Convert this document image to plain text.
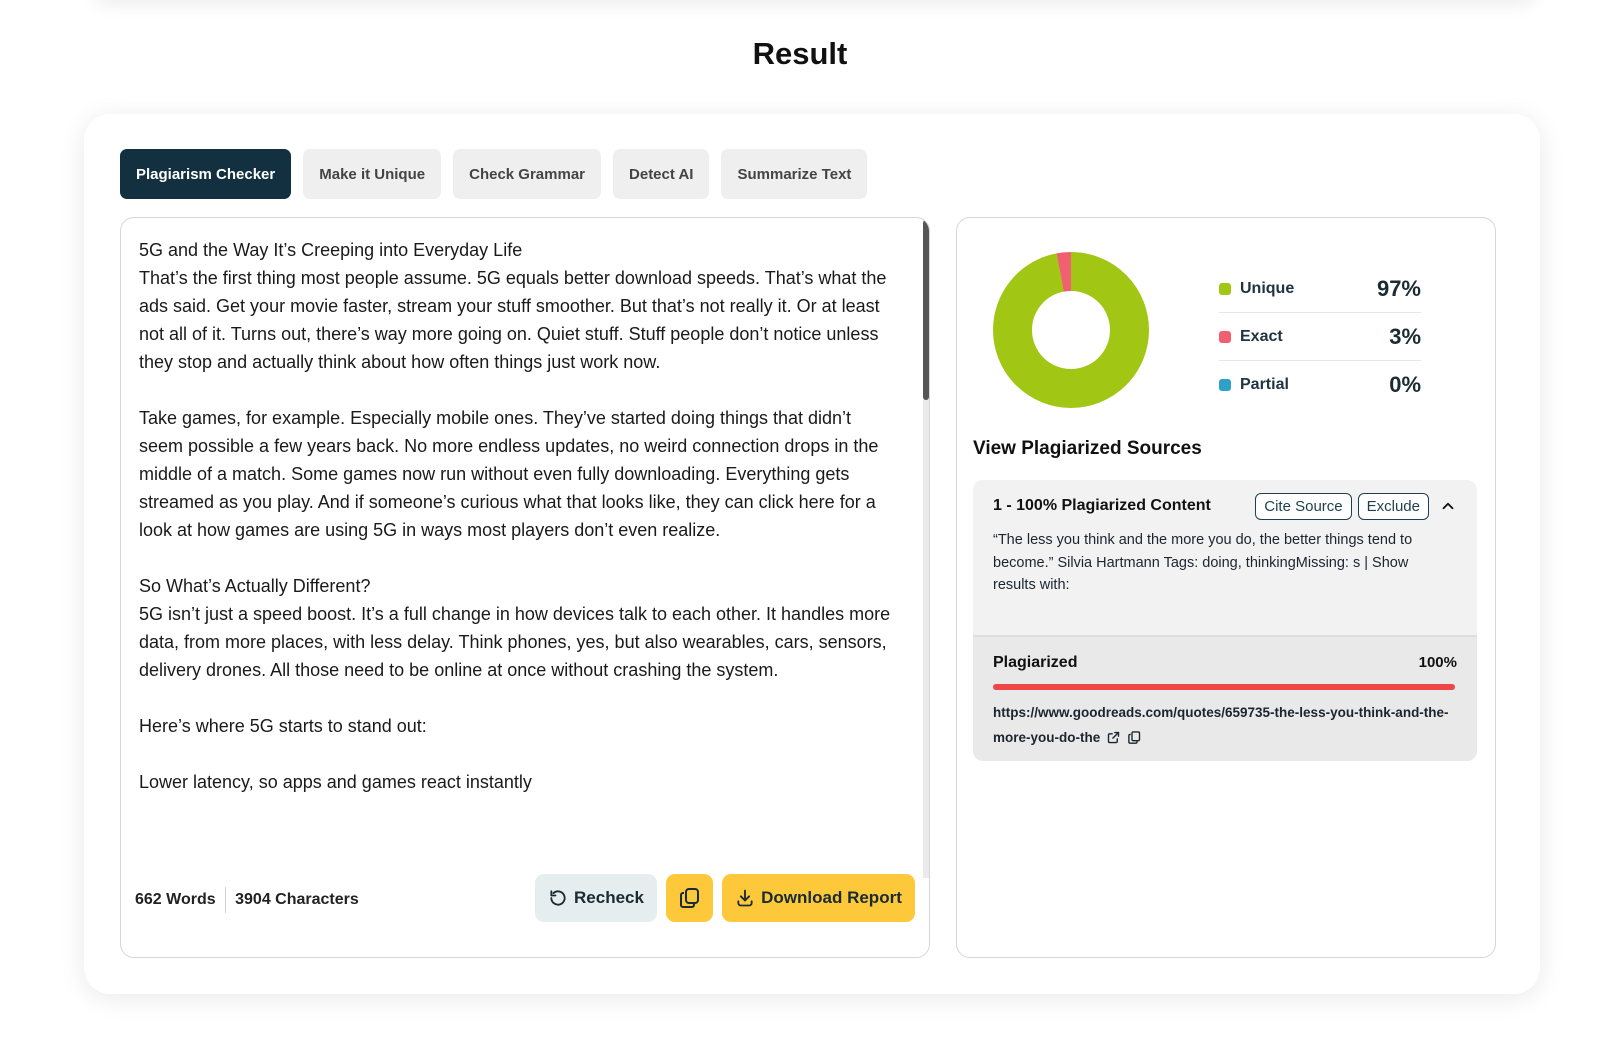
Result
Plagiarism Checker	Make it Unique	Check Grammar	Detect AI	Summarize Text

5G and the Way It’s Creeping into Everyday Life

That’s the first thing most people assume. 5G equals better download speeds. That’s what the ads said. Get your movie faster, stream your stuff smoother. But that’s not really it. Or at least not all of it. Turns out, there’s way more going on. Quiet stuff. Stuff people don’t notice unless they stop and actually think about how often things just work now.

Take games, for example. Especially mobile ones. They’ve started doing things that didn’t seem possible a few years back. No more endless updates, no weird connection drops in the middle of a match. Some games now run without even fully downloading. Everything gets streamed as you play. And if someone’s curious what that looks like, they can click here for a look at how games are using 5G in ways most players don’t even realize.

So What’s Actually Different?

5G isn’t just a speed boost. It’s a full change in how devices talk to each other. It handles more data, from more places, with less delay. Think phones, yes, but also wearables, cars, sensors, delivery drones. All those need to be online at once without crashing the system.

Here’s where 5G starts to stand out:

Lower latency, so apps and games react instantly

662 Words 3904 Characters	Recheck	Download Report
Unique	97%
Exact	3%
Partial	0%
View Plagiarized Sources
1 - 100% Plagiarized Content	Cite Source	Exclude
“The less you think and the more you do, the better things tend to become.” Silvia Hartmann Tags: doing, thinkingMissing: s | Show results with:
Plagiarized	100%
https://www.goodreads.com/quotes/659735-the-less-you-think-and-the-more-you-do-the
